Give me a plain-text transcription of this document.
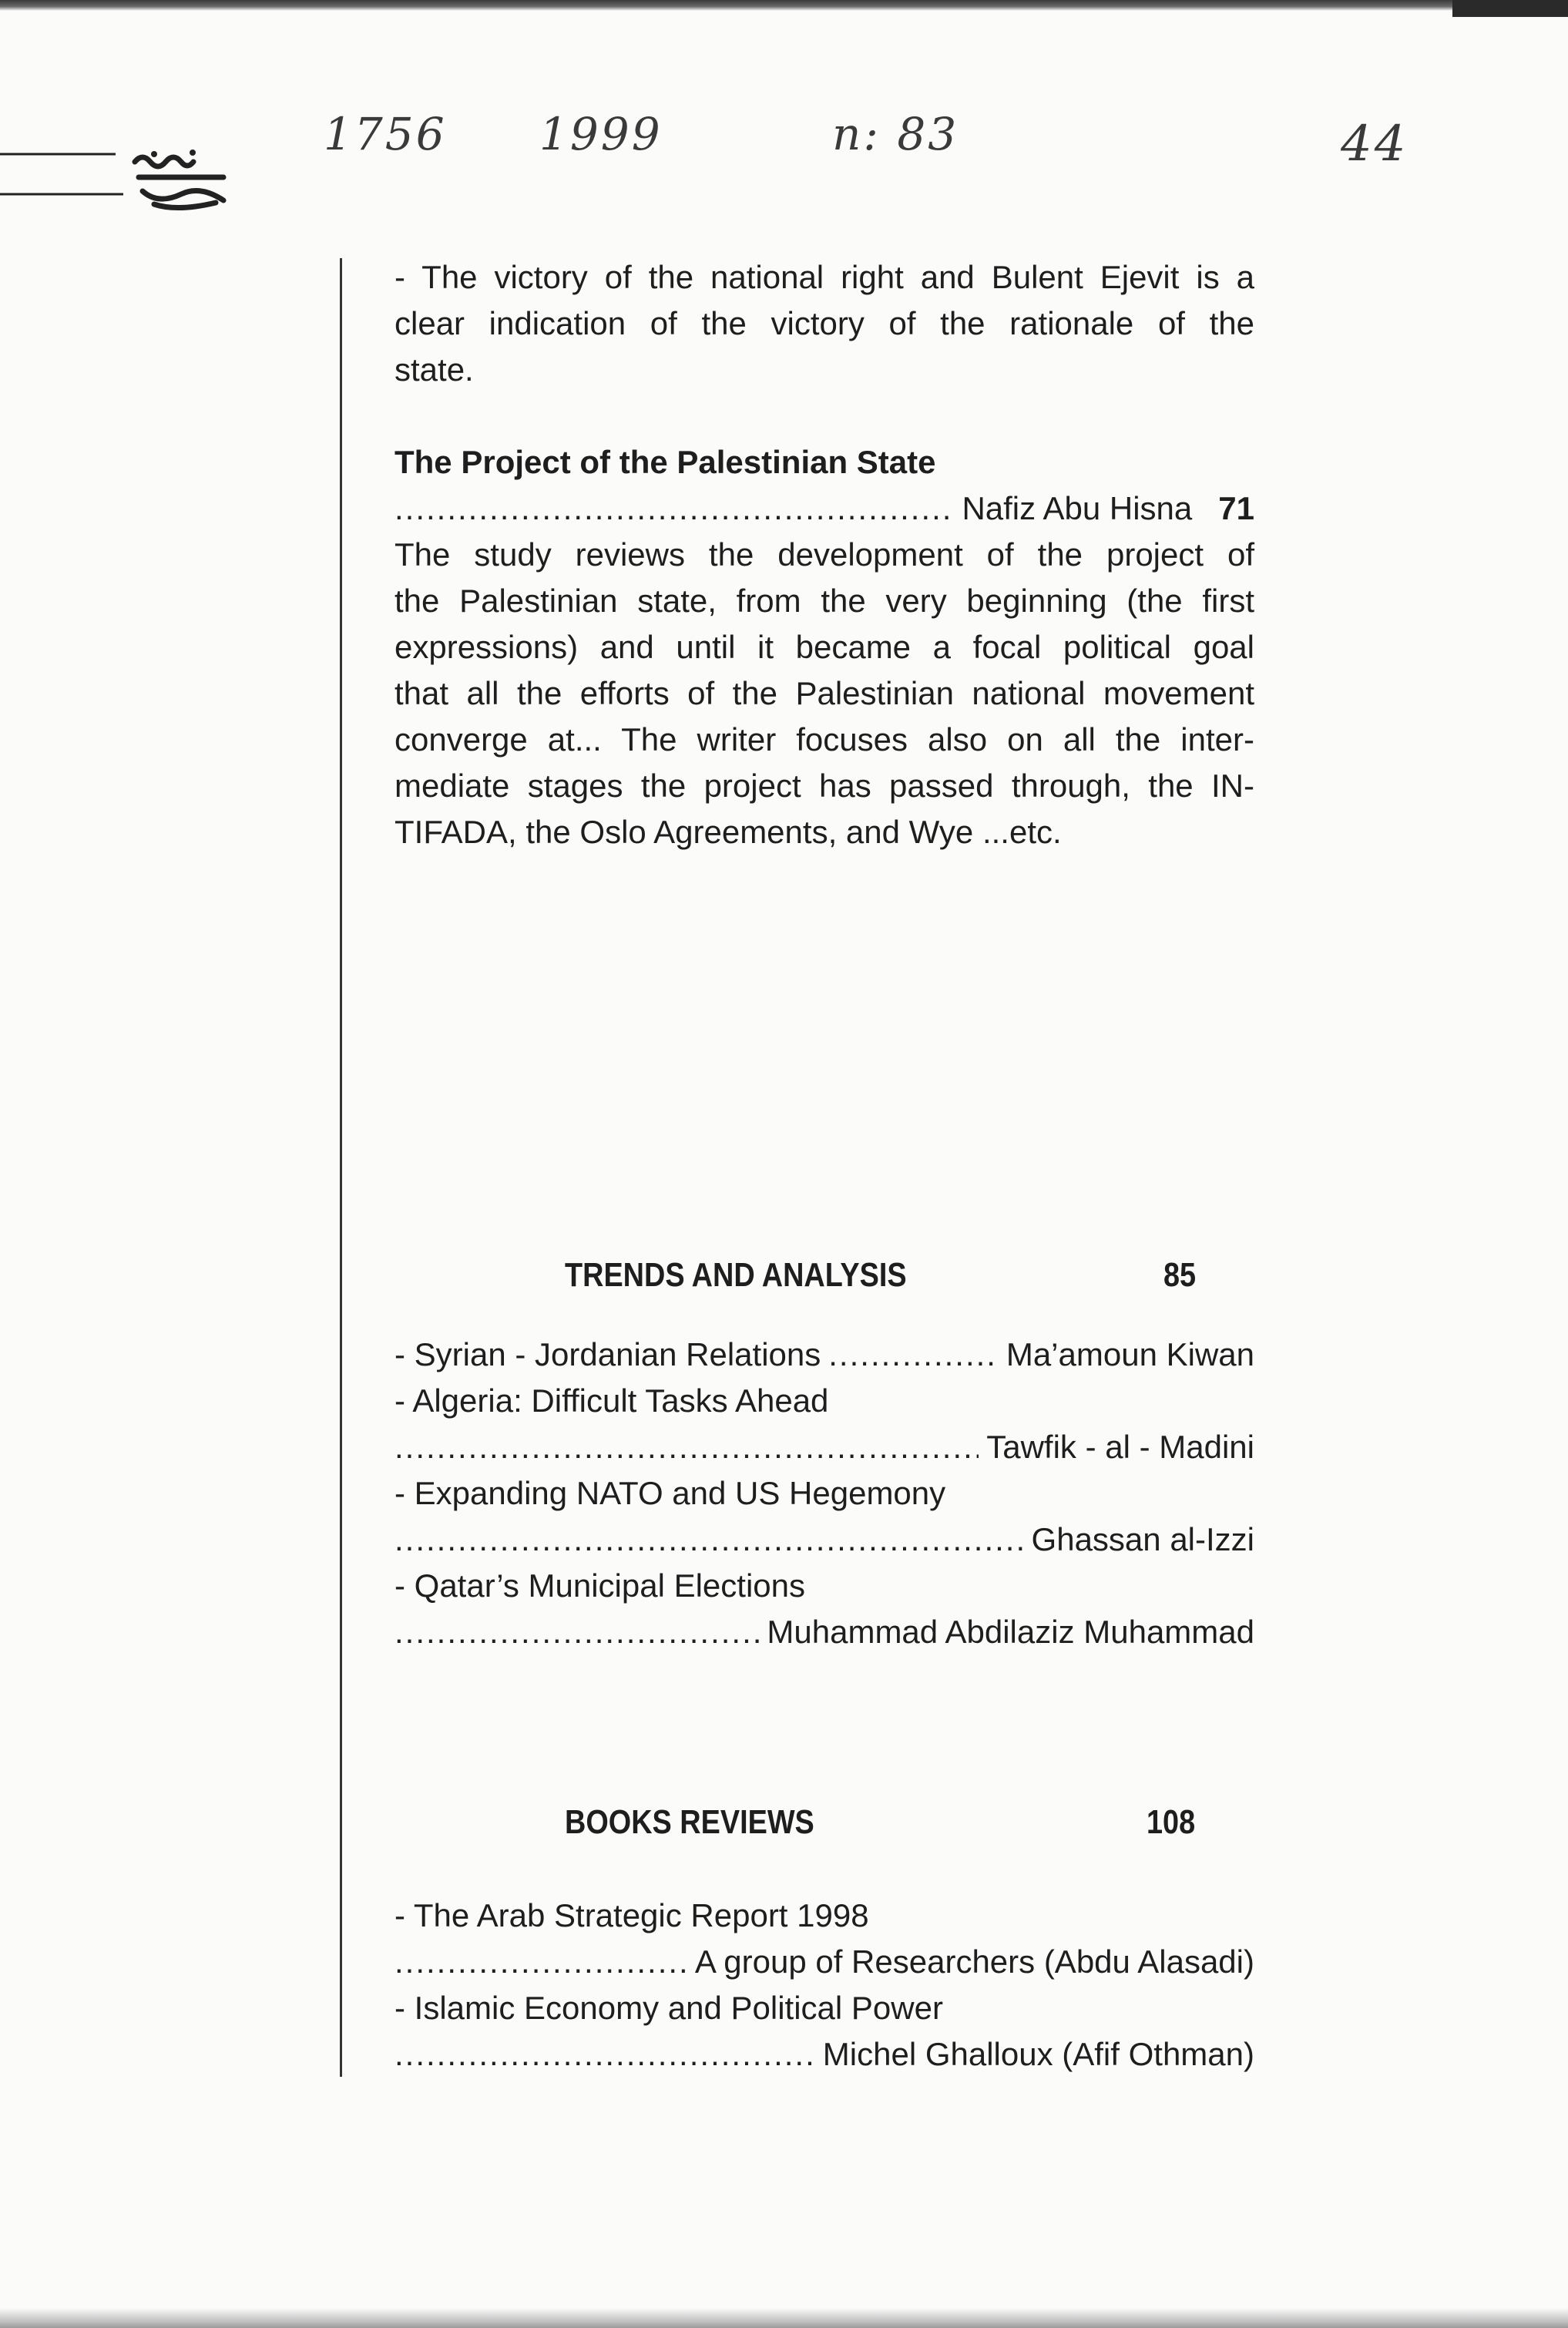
1756 1999	n: 83	44
- The victory of the national right and Bulent Ejevit is a
clear indication of the victory of the rationale of the
state.
The Project of the Palestinian State
.....
Nafiz Abu Hisna 71
The study reviews the development of the project of
the Palestinian state, from the very beginning (the first
expressions) and until it became a focal political goal
that all the efforts of the Palestinian national movement
converge at... The writer focuses also on all the inter-
mediate stages the project has passed through, the IN-
TIFADA, the Oslo Agreements, and Wye ...etc.
TRENDS AND ANALYSIS	85
- Syrian - Jordanian Relations
.....	Ma’amoun Kiwan
- Algeria: Difficult Tasks Ahead
.....
Tawfik - al - Madini
- Expanding NATO and US Hegemony
.....
Ghassan al-Izzi
- Qatar’s Municipal Elections
.....
Muhammad Abdilaziz Muhammad
BOOKS REVIEWS	108
- The Arab Strategic Report 1998
.....
A group of Researchers (Abdu Alasadi)
- Islamic Economy and Political Power
.....
Michel Ghalloux (Afif Othman)
